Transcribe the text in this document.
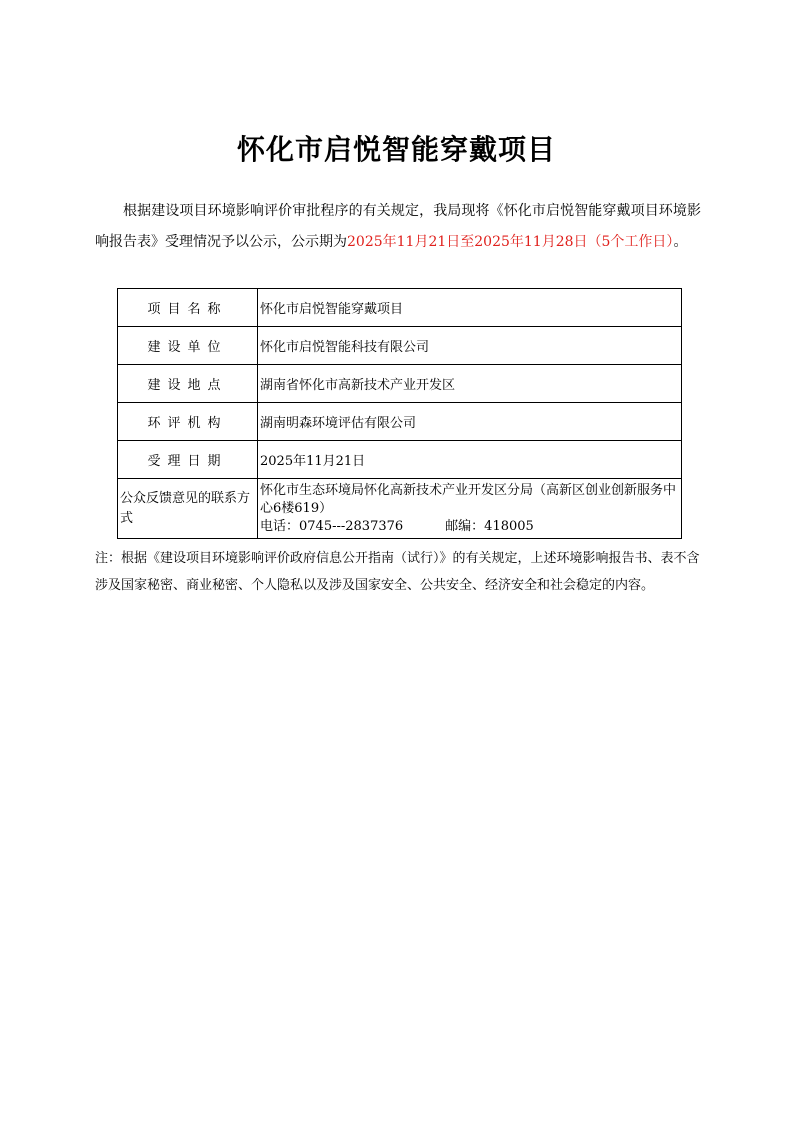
怀化市启悦智能穿戴项目

根据建设项目环境影响评价审批程序的有关规定，我局现将《怀化市启悦智能穿戴项目环境影响报告表》受理情况予以公示，公示期为2025年11月21日至2025年11月28日（5个工作日）。

项目名称	怀化市启悦智能穿戴项目
建设单位	怀化市启悦智能科技有限公司
建设地点	湖南省怀化市高新技术产业开发区
环评机构	湖南明森环境评估有限公司
受理日期	2025年11月21日
公众反馈意见的联系方式	怀化市生态环境局怀化高新技术产业开发区分局（高新区创业创新服务中心6楼619）
电话：0745---2837376 邮编：418005

注：根据《建设项目环境影响评价政府信息公开指南（试行）》的有关规定，上述环境影响报告书、表不含涉及国家秘密、商业秘密、个人隐私以及涉及国家安全、公共安全、经济安全和社会稳定的内容。
